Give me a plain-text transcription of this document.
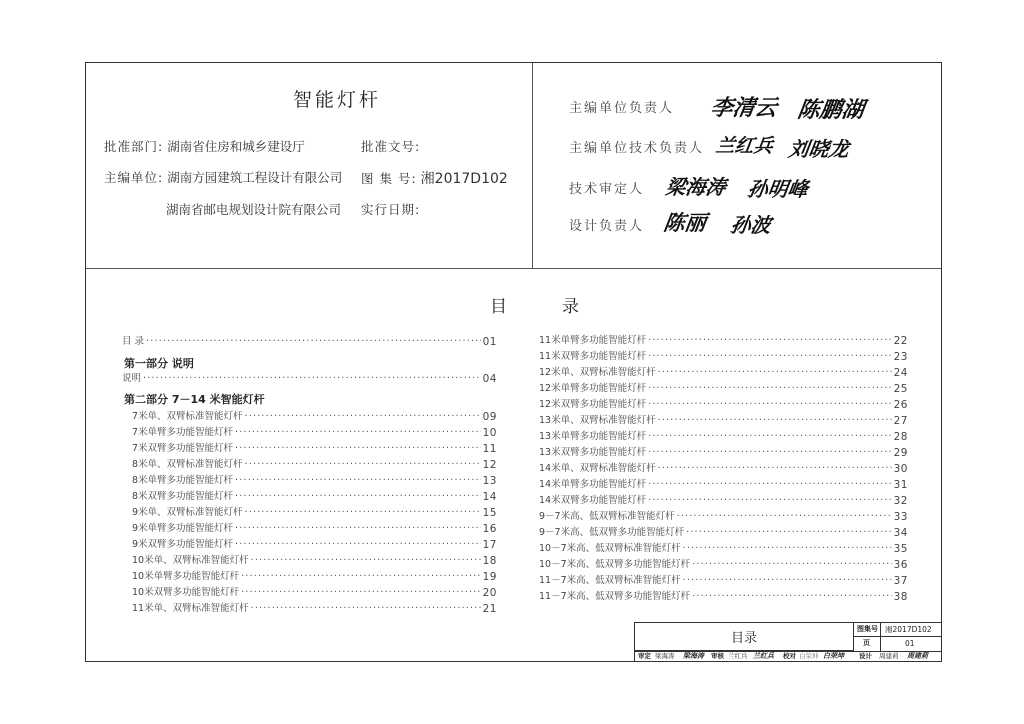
智能灯杆
批准部门: 湖南省住房和城乡建设厅	批准文号:
主编单位: 湖南方园建筑工程设计有限公司 图 集 号: 湘2017D102
湖南省邮电规划设计院有限公司 实行日期:
主编单位负责人 李清云 陈鹏湖
主编单位技术负责人 兰红兵 刘晓龙
技术审定人 梁海涛 孙明峰
设计负责人 陈丽 孙波
目	录
目 录 ·····	01
第一部分 说明
说明 ·····	04
第二部分 7－14 米智能灯杆
7米单、双臂标准智能灯杆 ·····	09
7米单臂多功能智能灯杆 ·····	10
7米双臂多功能智能灯杆 ·····	11
8米单、双臂标准智能灯杆 ·····	12
8米单臂多功能智能灯杆 ·····	13
8米双臂多功能智能灯杆 ·····	14
9米单、双臂标准智能灯杆 ·····	15
9米单臂多功能智能灯杆 ·····	16
9米双臂多功能智能灯杆 ·····	17
10米单、双臂标准智能灯杆 ·····	18
10米单臂多功能智能灯杆 ·····	19
10米双臂多功能智能灯杆 ·····	20
11米单、双臂标准智能灯杆 ·····	21
11米单臂多功能智能灯杆 ·····	22
11米双臂多功能智能灯杆 ·····	23
12米单、双臂标准智能灯杆 ·····	24
12米单臂多功能智能灯杆 ·····	25
12米双臂多功能智能灯杆 ·····	26
13米单、双臂标准智能灯杆 ·····	27
13米单臂多功能智能灯杆 ·····	28
13米双臂多功能智能灯杆 ·····	29
14米单、双臂标准智能灯杆 ·····	30
14米单臂多功能智能灯杆 ·····	31
14米双臂多功能智能灯杆 ·····	32
9－7米高、低双臂标准智能灯杆 ·····	33
9－7米高、低双臂多功能智能灯杆 ·····	34
10－7米高、低双臂标准智能灯杆 ·····	35
10－7米高、低双臂多功能智能灯杆 ·····	36
11－7米高、低双臂标准智能灯杆 ·····	37
11－7米高、低双臂多功能智能灯杆 ·····	38
目录
图集号 湘2017D102
页	01
审定 梁海涛 梁海涛 审核 兰红兵 兰红兵 校对 白荣坤 白荣坤 设计 周建莉 周建莉
